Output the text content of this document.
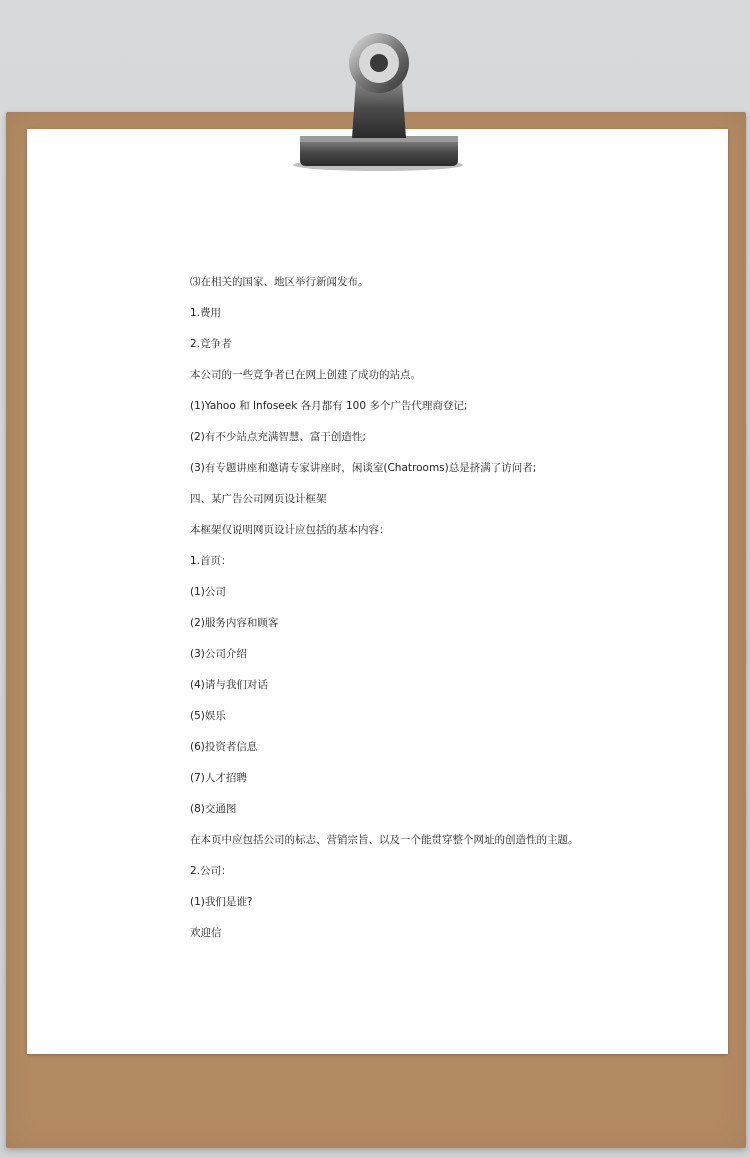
⑶在相关的国家、地区举行新闻发布。
1.费用
2.竞争者
本公司的一些竞争者已在网上创建了成功的站点。
(1)Yahoo 和 Infoseek 各月都有 100 多个广告代理商登记;
(2)有不少站点充满智慧、富于创造性;
(3)有专题讲座和邀请专家讲座时，闲谈室(Chatrooms)总是挤满了访问者;
四、某广告公司网页设计框架
本框架仅说明网页设计应包括的基本内容：
1.首页：
(1)公司
(2)服务内容和顾客
(3)公司介绍
(4)请与我们对话
(5)娱乐
(6)投资者信息
(7)人才招聘
(8)交通图
在本页中应包括公司的标志、营销宗旨、以及一个能贯穿整个网址的创造性的主题。
2.公司：
(1)我们是谁?
欢迎信
